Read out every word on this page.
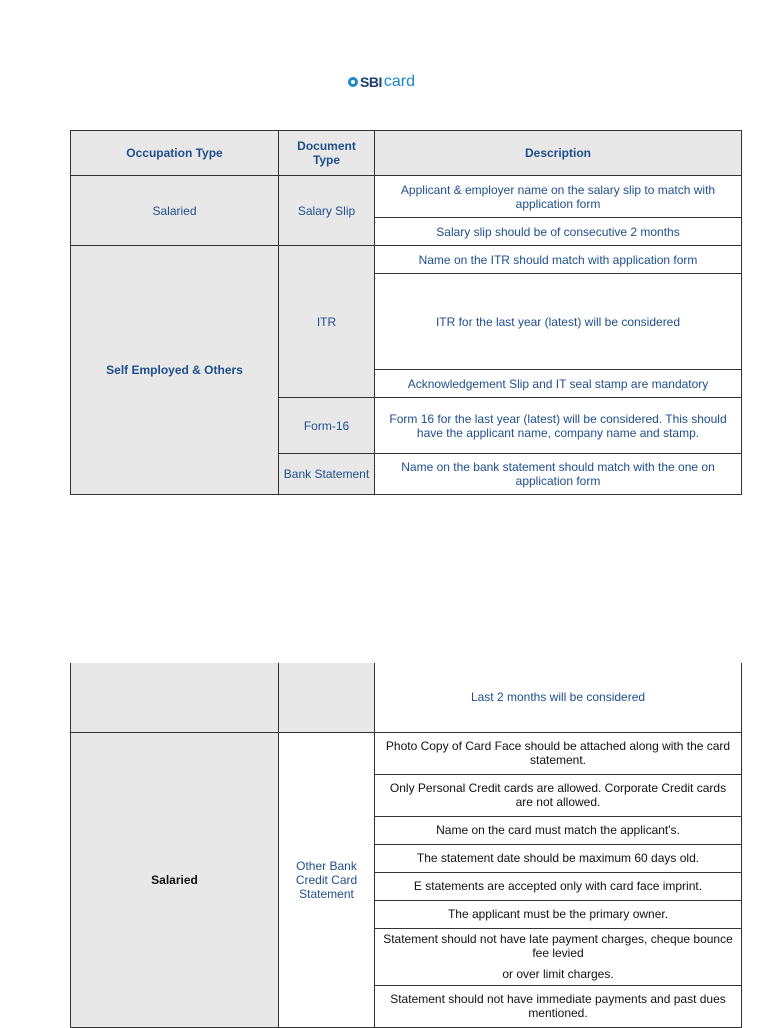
SBI card
Occupation Type	Document Type	Description
Salaried	Salary Slip	Applicant & employer name on the salary slip to match with application form
		Salary slip should be of consecutive 2 months
Self Employed & Others	ITR	Name on the ITR should match with application form
		ITR for the last year (latest) will be considered
		Acknowledgement Slip and IT seal stamp are mandatory
	Form-16	Form 16 for the last year (latest) will be considered. This should have the applicant name, company name and stamp.
	Bank Statement	Name on the bank statement should match with the one on application form
		Last 2 months will be considered
Salaried	Other Bank Credit Card Statement	Photo Copy of Card Face should be attached along with the card statement.
		Only Personal Credit cards are allowed. Corporate Credit cards are not allowed.
		Name on the card must match the applicant's.
		The statement date should be maximum 60 days old.
		E statements are accepted only with card face imprint.
		The applicant must be the primary owner.

		Statement should not have late payment charges, cheque bounce fee levied
or over limit charges.

		Statement should not have immediate payments and past dues mentioned.
